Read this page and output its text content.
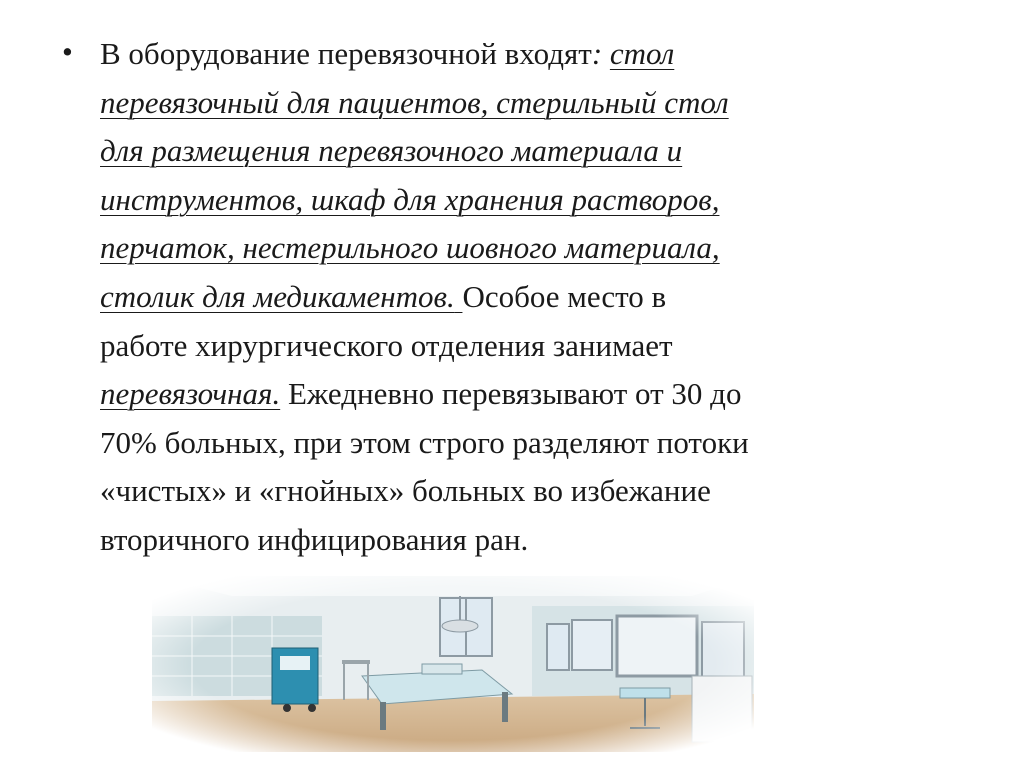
• В оборудование перевязочной входят: стол
перевязочный для пациентов, стерильный стол
для размещения перевязочного материала и
инструментов, шкаф для хранения растворов,
перчаток, нестерильного шовного материала,
столик для медикаментов. Особое место в
работе хирургического отделения занимает
перевязочная. Ежедневно перевязывают от 30 до
70% больных, при этом строго разделяют потоки
«чистых» и «гнойных» больных во избежание
вторичного инфицирования ран.
